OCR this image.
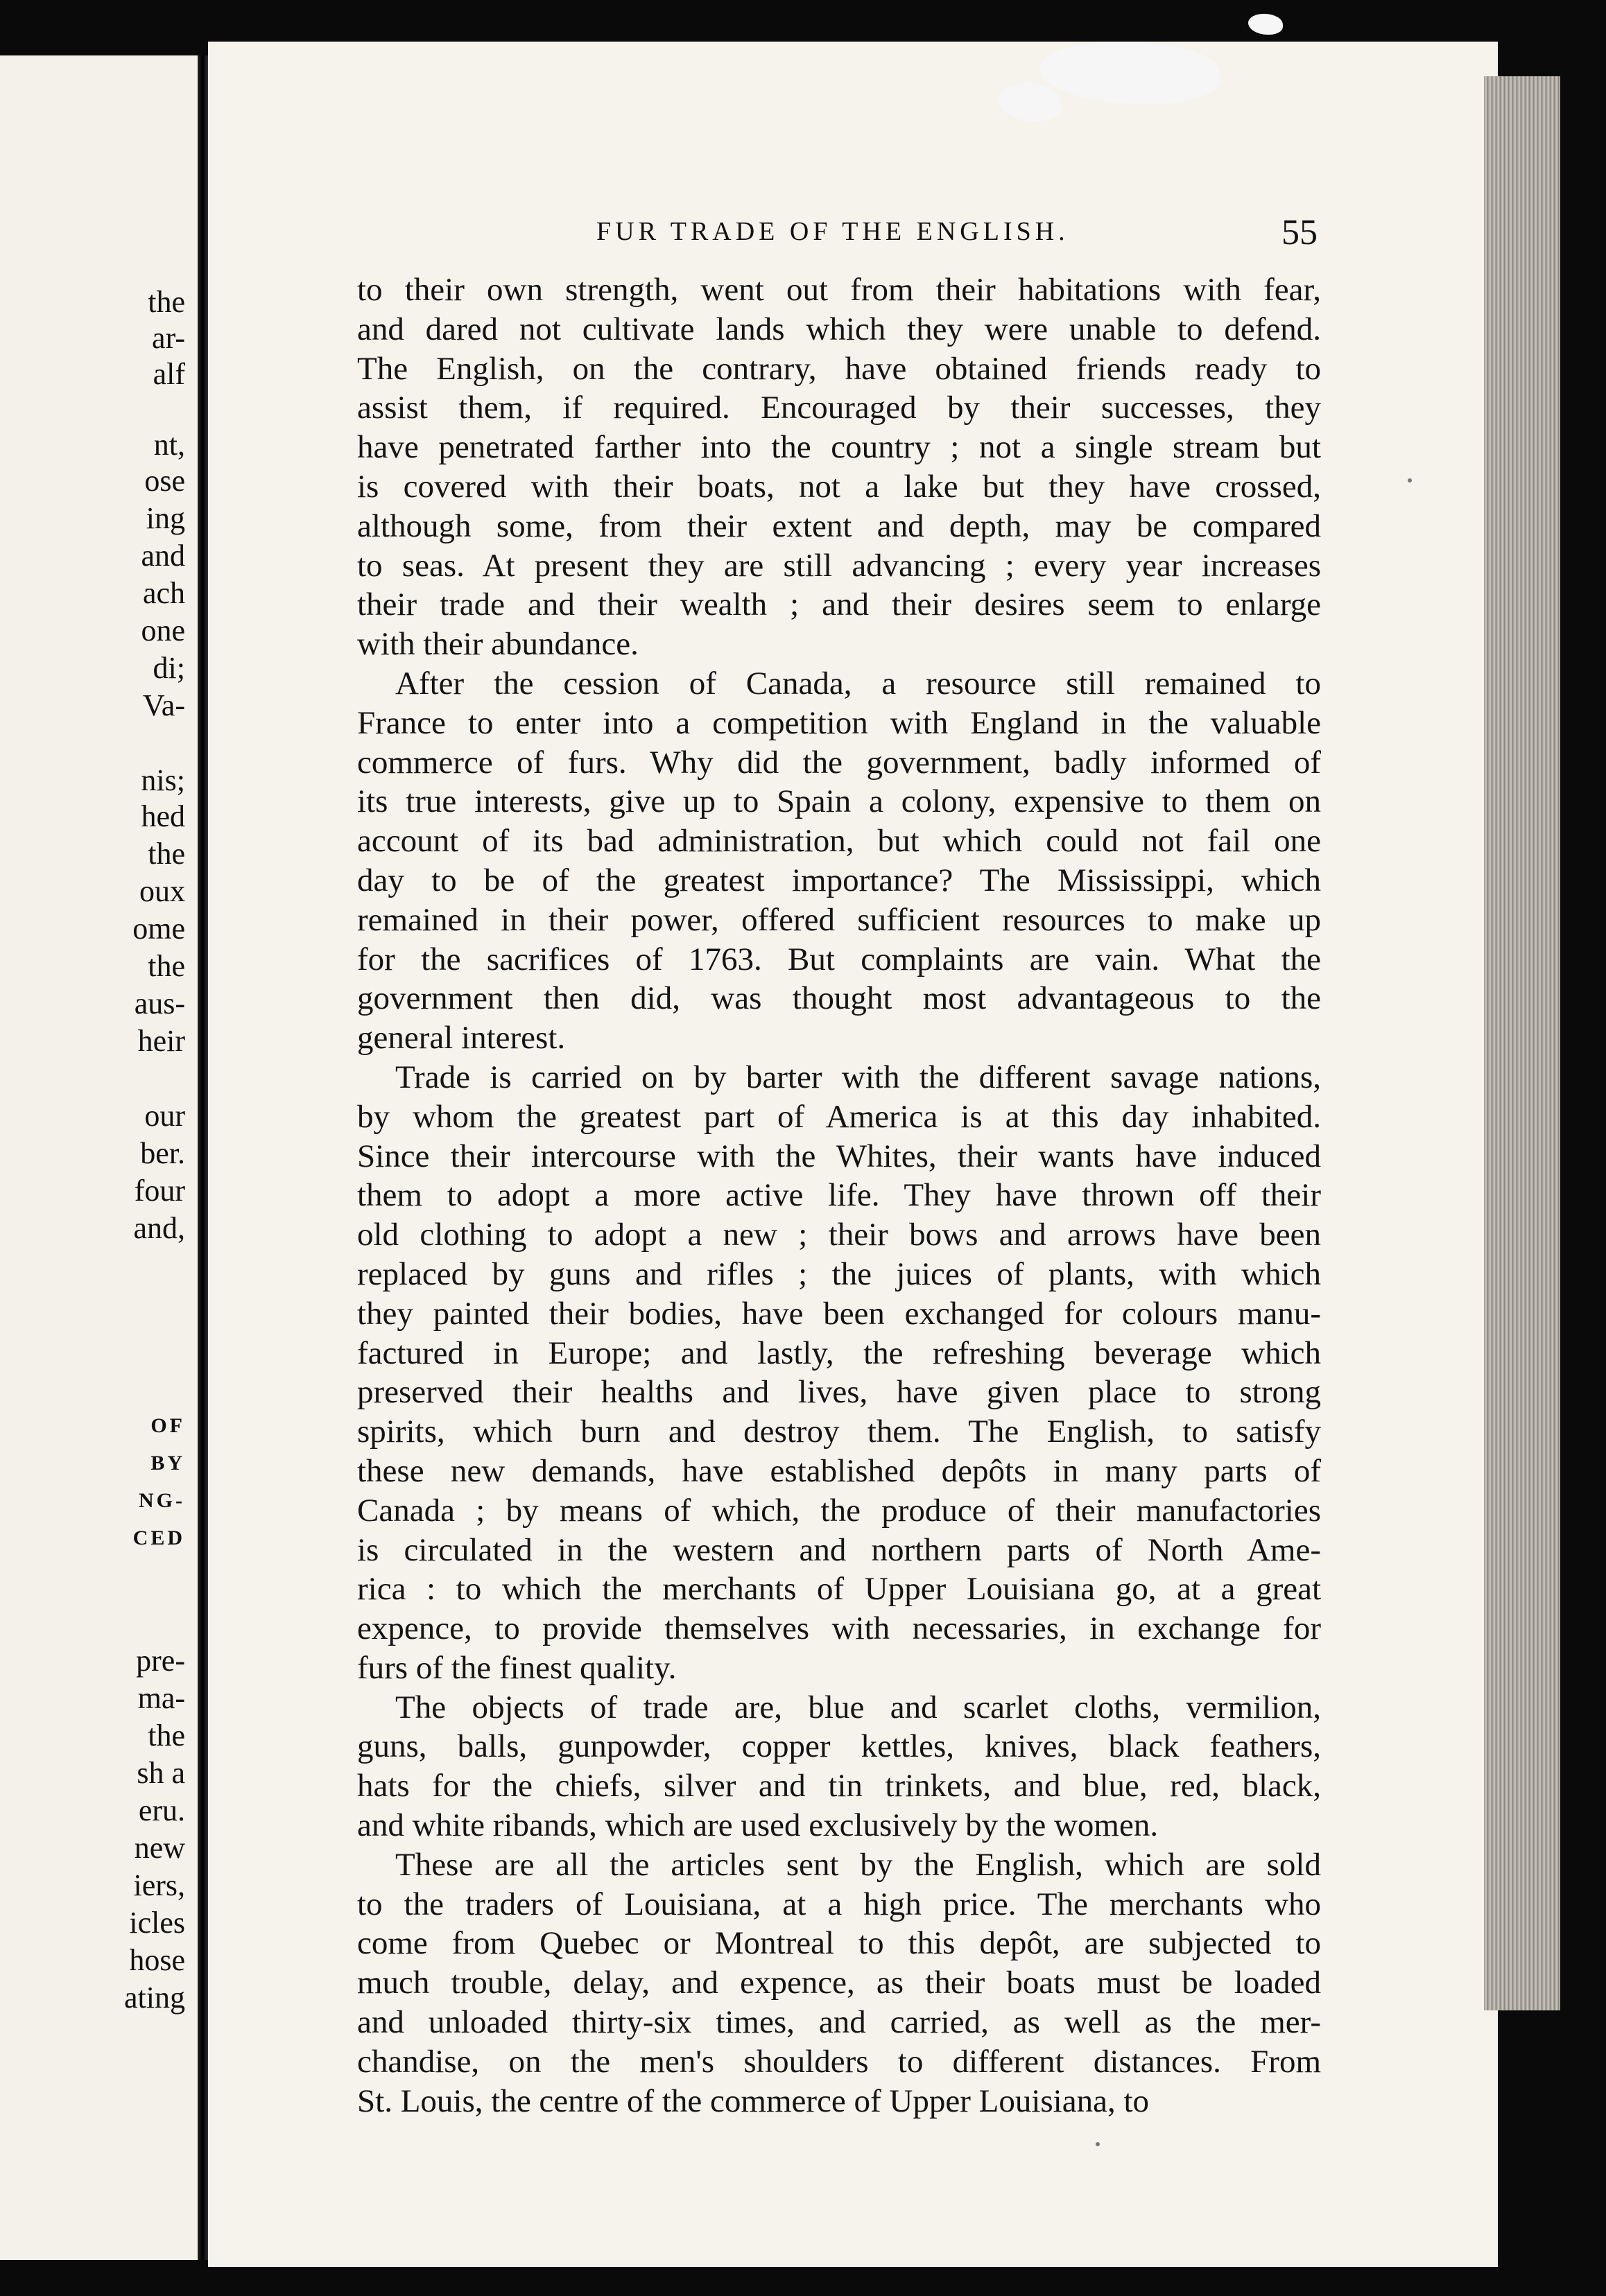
the

ar-

alf

nt,

ose

ing

and

ach

one

di;

Va-

nis;

hed

the

oux

ome

the

aus-

heir

our

ber.

four

and,

OF

BY

NG-

CED

pre-

ma-

the

sh a

eru.

new

iers,

icles

hose

ating

FUR TRADE OF THE ENGLISH.	55
to their own strength, went out from their habitations with fear,
and dared not cultivate lands which they were unable to defend.
The English, on the contrary, have obtained friends ready to
assist them, if required. Encouraged by their successes, they
have penetrated farther into the country ; not a single stream but
is covered with their boats, not a lake but they have crossed,
although some, from their extent and depth, may be compared
to seas. At present they are still advancing ; every year increases
their trade and their wealth ; and their desires seem to enlarge
with their abundance.
After the cession of Canada, a resource still remained to
France to enter into a competition with England in the valuable
commerce of furs. Why did the government, badly informed of
its true interests, give up to Spain a colony, expensive to them on
account of its bad administration, but which could not fail one
day to be of the greatest importance? The Mississippi, which
remained in their power, offered sufficient resources to make up
for the sacrifices of 1763. But complaints are vain. What the
government then did, was thought most advantageous to the
general interest.
Trade is carried on by barter with the different savage nations,
by whom the greatest part of America is at this day inhabited.
Since their intercourse with the Whites, their wants have induced
them to adopt a more active life. They have thrown off their
old clothing to adopt a new ; their bows and arrows have been
replaced by guns and rifles ; the juices of plants, with which
they painted their bodies, have been exchanged for colours manu-
factured in Europe; and lastly, the refreshing beverage which
preserved their healths and lives, have given place to strong
spirits, which burn and destroy them. The English, to satisfy
these new demands, have established depôts in many parts of
Canada ; by means of which, the produce of their manufactories
is circulated in the western and northern parts of North Ame-
rica : to which the merchants of Upper Louisiana go, at a great
expence, to provide themselves with necessaries, in exchange for
furs of the finest quality.
The objects of trade are, blue and scarlet cloths, vermilion,
guns, balls, gunpowder, copper kettles, knives, black feathers,
hats for the chiefs, silver and tin trinkets, and blue, red, black,
and white ribands, which are used exclusively by the women.
These are all the articles sent by the English, which are sold
to the traders of Louisiana, at a high price. The merchants who
come from Quebec or Montreal to this depôt, are subjected to
much trouble, delay, and expence, as their boats must be loaded
and unloaded thirty-six times, and carried, as well as the mer-
chandise, on the men's shoulders to different distances. From
St. Louis, the centre of the commerce of Upper Louisiana, to
